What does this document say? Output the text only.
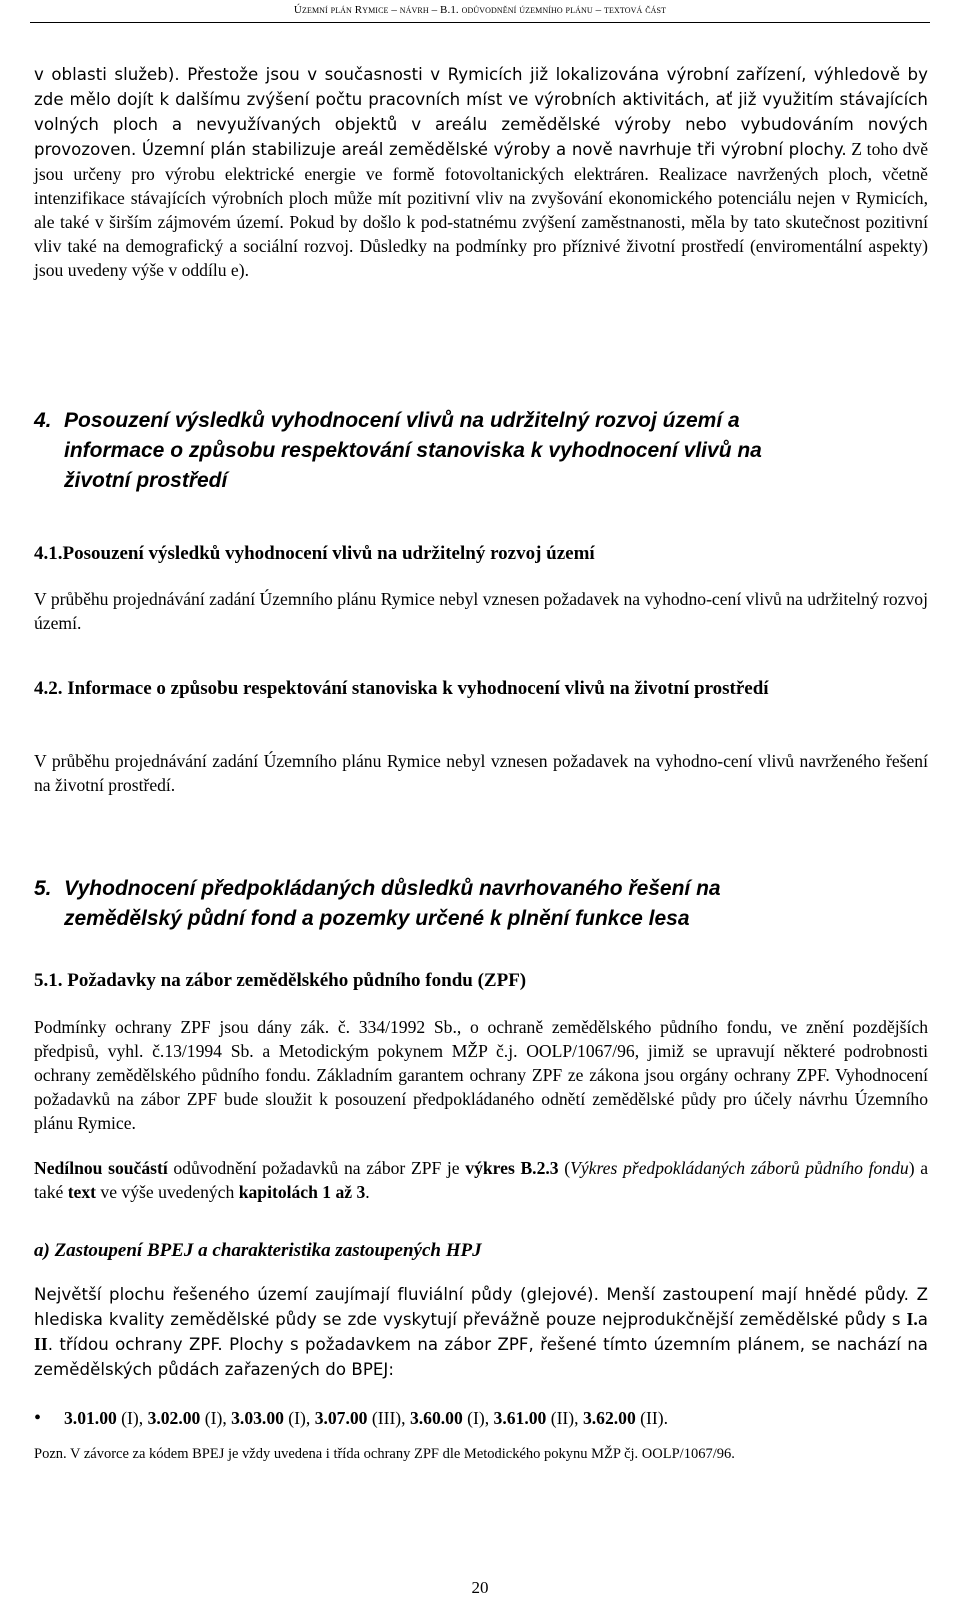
Územní plán Rymice – návrh – B.1. odůvodnění územního plánu – textová část

v oblasti služeb). Přestože jsou v současnosti v Rymicích již lokalizována výrobní zařízení, výhledově by zde mělo dojít k dalšímu zvýšení počtu pracovních míst ve výrobních aktivitách, ať již využitím stávajících volných ploch a nevyužívaných objektů v areálu zemědělské výroby nebo vybudováním nových provozoven. Územní plán stabilizuje areál zemědělské výroby a nově navrhuje tři výrobní plochy. Z toho dvě jsou určeny pro výrobu elektrické energie ve formě fotovoltanických elektráren. Realizace navržených ploch, včetně intenzifikace stávajících výrobních ploch může mít pozitivní vliv na zvyšování ekonomického potenciálu nejen v Rymicích, ale také v širším zájmovém území. Pokud by došlo k pod-statnému zvýšení zaměstnanosti, měla by tato skutečnost pozitivní vliv také na demografický a sociální rozvoj. Důsledky na podmínky pro příznivé životní prostředí (enviromentální aspekty) jsou uvedeny výše v oddílu e).

4. Posouzení výsledků vyhodnocení vlivů na udržitelný rozvoj území a
informace o způsobu respektování stanoviska k vyhodnocení vlivů na
životní prostředí
4.1.Posouzení výsledků vyhodnocení vlivů na udržitelný rozvoj území

V průběhu projednávání zadání Územního plánu Rymice nebyl vznesen požadavek na vyhodno-cení vlivů na udržitelný rozvoj území.

4.2. Informace o způsobu respektování stanoviska k vyhodnocení vlivů na životní prostředí

V průběhu projednávání zadání Územního plánu Rymice nebyl vznesen požadavek na vyhodno-cení vlivů navrženého řešení na životní prostředí.

5. Vyhodnocení předpokládaných důsledků navrhovaného řešení na
zemědělský půdní fond a pozemky určené k plnění funkce lesa
5.1. Požadavky na zábor zemědělského půdního fondu (ZPF)

Podmínky ochrany ZPF jsou dány zák. č. 334/1992 Sb., o ochraně zemědělského půdního fondu, ve znění pozdějších předpisů, vyhl. č.13/1994 Sb. a Metodickým pokynem MŽP č.j. OOLP/1067/96, jimiž se upravují některé podrobnosti ochrany zemědělského půdního fondu. Základním garantem ochrany ZPF ze zákona jsou orgány ochrany ZPF. Vyhodnocení požadavků na zábor ZPF bude sloužit k posouzení předpokládaného odnětí zemědělské půdy pro účely návrhu Územního plánu Rymice.

Nedílnou součástí odůvodnění požadavků na zábor ZPF je výkres B.2.3 (Výkres předpokládaných záborů půdního fondu) a také text ve výše uvedených kapitolách 1 až 3.

a) Zastoupení BPEJ a charakteristika zastoupených HPJ

Největší plochu řešeného území zaujímají fluviální půdy (glejové). Menší zastoupení mají hnědé půdy. Z hlediska kvality zemědělské půdy se zde vyskytují převážně pouze nejprodukčnější zemědělské půdy s I.a II. třídou ochrany ZPF. Plochy s požadavkem na zábor ZPF, řešené tímto územním plánem, se nachází na zemědělských půdách zařazených do BPEJ:

• 3.01.00 (I), 3.02.00 (I), 3.03.00 (I), 3.07.00 (III), 3.60.00 (I), 3.61.00 (II), 3.62.00 (II).
Pozn. V závorce za kódem BPEJ je vždy uvedena i třída ochrany ZPF dle Metodického pokynu MŽP čj. OOLP/1067/96.
20
